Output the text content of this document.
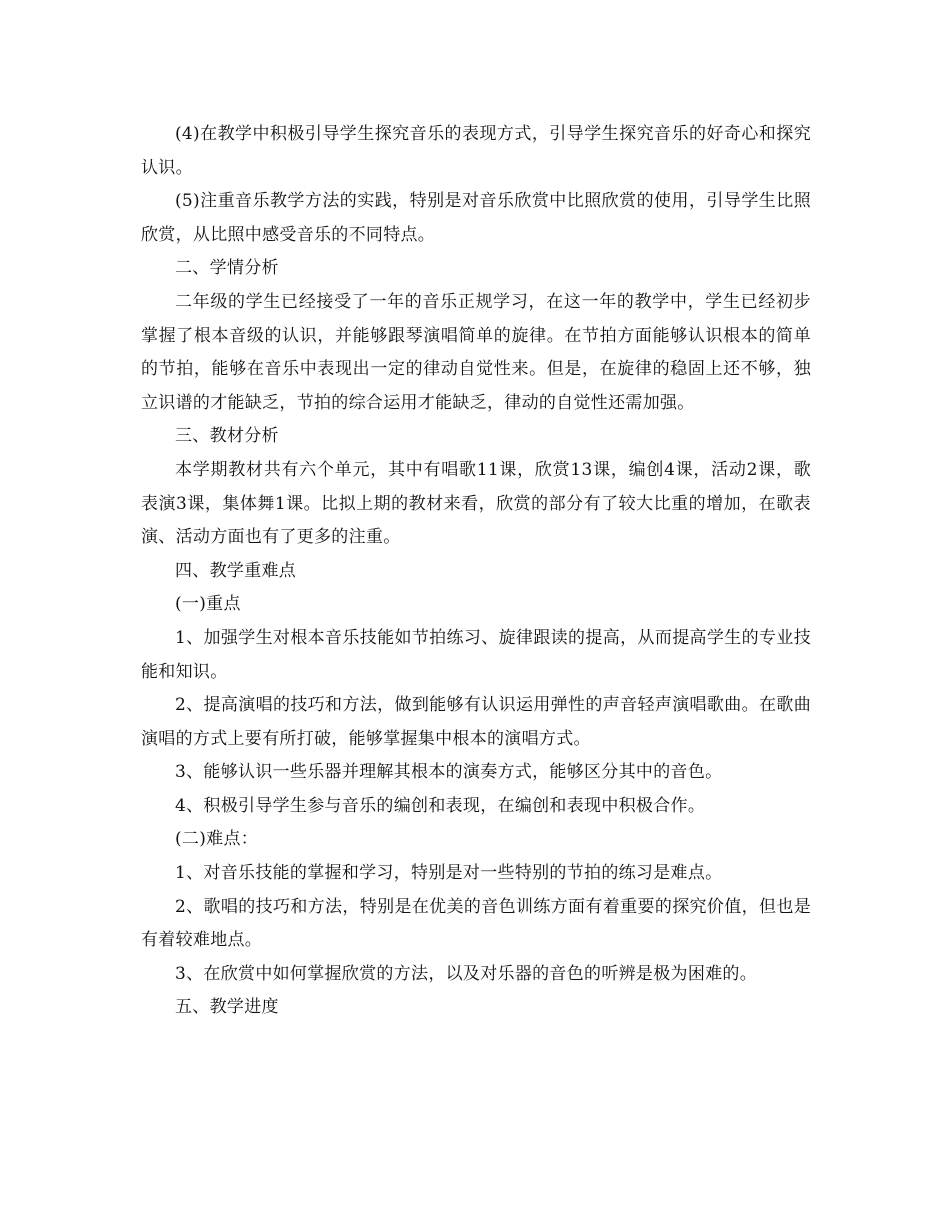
(4)在教学中积极引导学生探究音乐的表现方式，引导学生探究音乐的好奇心和探究认识。

(5)注重音乐教学方法的实践，特别是对音乐欣赏中比照欣赏的使用，引导学生比照欣赏，从比照中感受音乐的不同特点。

二、学情分析

二年级的学生已经接受了一年的音乐正规学习，在这一年的教学中，学生已经初步掌握了根本音级的认识，并能够跟琴演唱简单的旋律。在节拍方面能够认识根本的简单的节拍，能够在音乐中表现出一定的律动自觉性来。但是，在旋律的稳固上还不够，独立识谱的才能缺乏，节拍的综合运用才能缺乏，律动的自觉性还需加强。

三、教材分析

本学期教材共有六个单元，其中有唱歌11课，欣赏13课，编创4课，活动2课，歌表演3课，集体舞1课。比拟上期的教材来看，欣赏的部分有了较大比重的增加，在歌表演、活动方面也有了更多的注重。

四、教学重难点

(一)重点

1、加强学生对根本音乐技能如节拍练习、旋律跟读的提高，从而提高学生的专业技能和知识。

2、提高演唱的技巧和方法，做到能够有认识运用弹性的声音轻声演唱歌曲。在歌曲演唱的方式上要有所打破，能够掌握集中根本的演唱方式。

3、能够认识一些乐器并理解其根本的演奏方式，能够区分其中的音色。

4、积极引导学生参与音乐的编创和表现，在编创和表现中积极合作。

(二)难点：

1、对音乐技能的掌握和学习，特别是对一些特别的节拍的练习是难点。

2、歌唱的技巧和方法，特别是在优美的音色训练方面有着重要的探究价值，但也是有着较难地点。

3、在欣赏中如何掌握欣赏的方法，以及对乐器的音色的听辨是极为困难的。

五、教学进度
